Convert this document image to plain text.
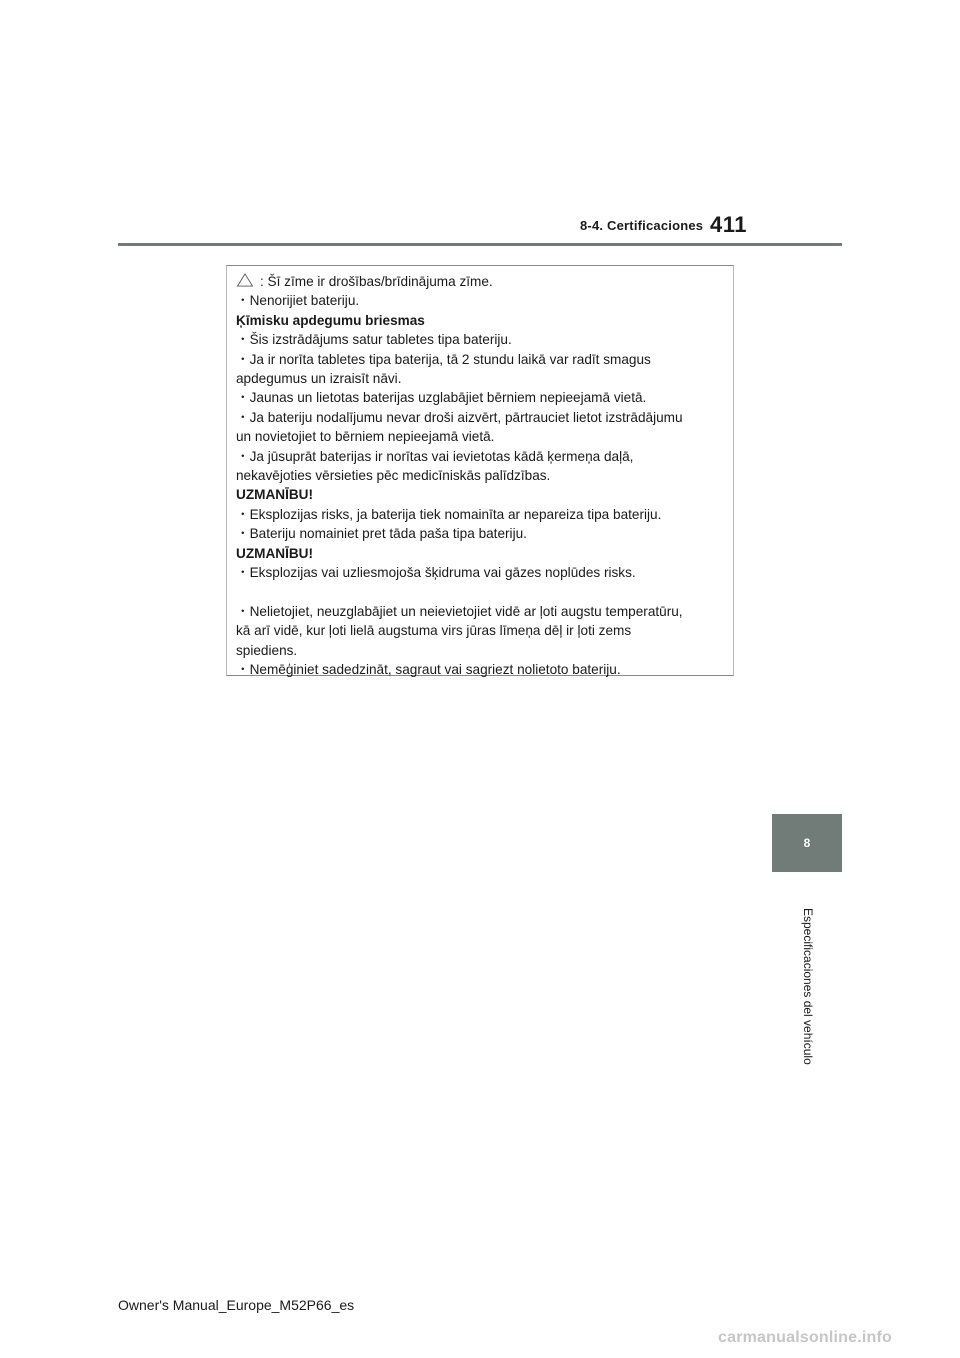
8-4. Certificaciones 411
: Šī zīme ir drošības/brīdinājuma zīme.
・Nenorijiet bateriju.
Ķīmisku apdegumu briesmas
・Šis izstrādājums satur tabletes tipa bateriju.
・Ja ir norīta tabletes tipa baterija, tā 2 stundu laikā var radīt smagus
apdegumus un izraisīt nāvi.
・Jaunas un lietotas baterijas uzglabājiet bērniem nepieejamā vietā.
・Ja bateriju nodalījumu nevar droši aizvērt, pārtrauciet lietot izstrādājumu
un novietojiet to bērniem nepieejamā vietā.
・Ja jūsuprāt baterijas ir norītas vai ievietotas kādā ķermeņa daļā,
nekavējoties vērsieties pēc medicīniskās palīdzības.
UZMANĪBU!
・Eksplozijas risks, ja baterija tiek nomainīta ar nepareiza tipa bateriju.
・Bateriju nomainiet pret tāda paša tipa bateriju.
UZMANĪBU!
・Eksplozijas vai uzliesmojoša šķidruma vai gāzes noplūdes risks.
・Nelietojiet, neuzglabājiet un neievietojiet vidē ar ļoti augstu temperatūru,
kā arī vidē, kur ļoti lielā augstuma virs jūras līmeņa dēļ ir ļoti zems
spiediens.
・Nemēģiniet sadedzināt, sagraut vai sagriezt nolietoto bateriju.
8
Especificaciones del vehículo
Owner's Manual_Europe_M52P66_es
carmanualsonline.info
